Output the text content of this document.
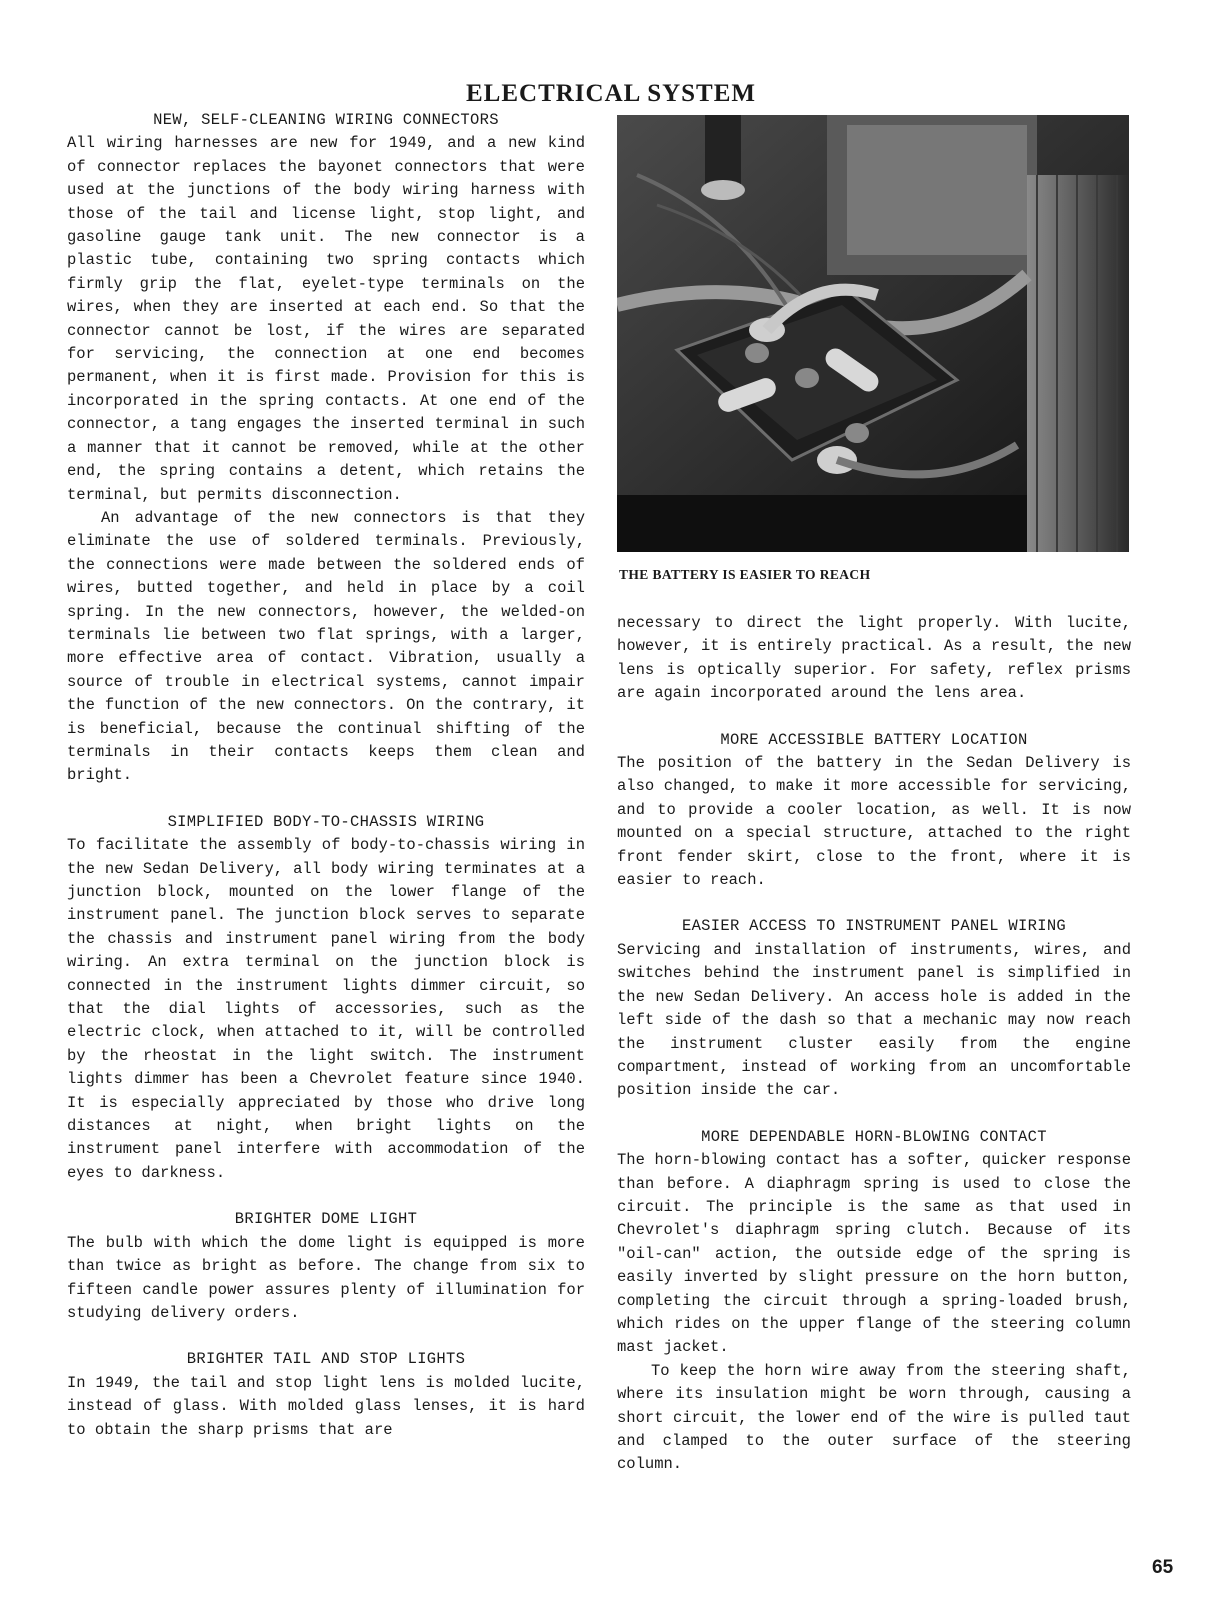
ELECTRICAL SYSTEM

NEW, SELF-CLEANING WIRING CONNECTORS

All wiring harnesses are new for 1949, and a new kind of connector replaces the bayonet connectors that were used at the junctions of the body wiring harness with those of the tail and license light, stop light, and gasoline gauge tank unit. The new connector is a plastic tube, containing two spring contacts which firmly grip the flat, eyelet-type terminals on the wires, when they are inserted at each end. So that the connector cannot be lost, if the wires are separated for servicing, the connection at one end becomes permanent, when it is first made. Provision for this is incorporated in the spring contacts. At one end of the connector, a tang engages the inserted terminal in such a manner that it cannot be removed, while at the other end, the spring contains a detent, which retains the terminal, but permits disconnection.

An advantage of the new connectors is that they eliminate the use of soldered terminals. Previously, the connections were made between the soldered ends of wires, butted together, and held in place by a coil spring. In the new connectors, however, the welded-on terminals lie between two flat springs, with a larger, more effective area of contact. Vibration, usually a source of trouble in electrical systems, cannot impair the function of the new connectors. On the contrary, it is beneficial, because the continual shifting of the terminals in their contacts keeps them clean and bright.

SIMPLIFIED BODY-TO-CHASSIS WIRING

To facilitate the assembly of body-to-chassis wiring in the new Sedan Delivery, all body wiring terminates at a junction block, mounted on the lower flange of the instrument panel. The junction block serves to separate the chassis and instrument panel wiring from the body wiring. An extra terminal on the junction block is connected in the instrument lights dimmer circuit, so that the dial lights of accessories, such as the electric clock, when attached to it, will be controlled by the rheostat in the light switch. The instrument lights dimmer has been a Chevrolet feature since 1940. It is especially appreciated by those who drive long distances at night, when bright lights on the instrument panel interfere with accommodation of the eyes to darkness.

BRIGHTER DOME LIGHT

The bulb with which the dome light is equipped is more than twice as bright as before. The change from six to fifteen candle power assures plenty of illumination for studying delivery orders.

BRIGHTER TAIL AND STOP LIGHTS

In 1949, the tail and stop light lens is molded lucite, instead of glass. With molded glass lenses, it is hard to obtain the sharp prisms that are

THE BATTERY IS EASIER TO REACH

necessary to direct the light properly. With lucite, however, it is entirely practical. As a result, the new lens is optically superior. For safety, reflex prisms are again incorporated around the lens area.

MORE ACCESSIBLE BATTERY LOCATION

The position of the battery in the Sedan Delivery is also changed, to make it more accessible for servicing, and to provide a cooler location, as well. It is now mounted on a special structure, attached to the right front fender skirt, close to the front, where it is easier to reach.

EASIER ACCESS TO INSTRUMENT PANEL WIRING

Servicing and installation of instruments, wires, and switches behind the instrument panel is simplified in the new Sedan Delivery. An access hole is added in the left side of the dash so that a mechanic may now reach the instrument cluster easily from the engine compartment, instead of working from an uncomfortable position inside the car.

MORE DEPENDABLE HORN-BLOWING CONTACT

The horn-blowing contact has a softer, quicker response than before. A diaphragm spring is used to close the circuit. The principle is the same as that used in Chevrolet's diaphragm spring clutch. Because of its "oil-can" action, the outside edge of the spring is easily inverted by slight pressure on the horn button, completing the circuit through a spring-loaded brush, which rides on the upper flange of the steering column mast jacket.

To keep the horn wire away from the steering shaft, where its insulation might be worn through, causing a short circuit, the lower end of the wire is pulled taut and clamped to the outer surface of the steering column.

65
